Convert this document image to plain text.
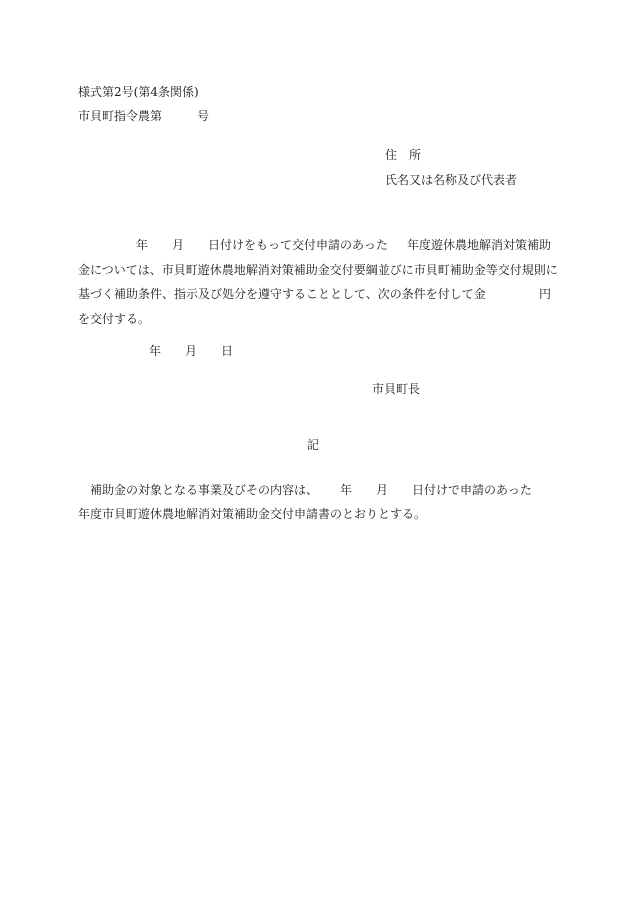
様式第2号(第4条関係)
市貝町指令農第	号
住　所
氏名又は名称及び代表者
年 月 日付けをもって交付申請のあった 年度遊休農地解消対策補助
金については、市貝町遊休農地解消対策補助金交付要綱並びに市貝町補助金等交付規則に
基づく補助条件、指示及び処分を遵守することとして、次の条件を付して金	円
を交付する。
年 月 日
市貝町長
記
補助金の対象となる事業及びその内容は、 年 月 日付けで申請のあった
年度市貝町遊休農地解消対策補助金交付申請書のとおりとする。
